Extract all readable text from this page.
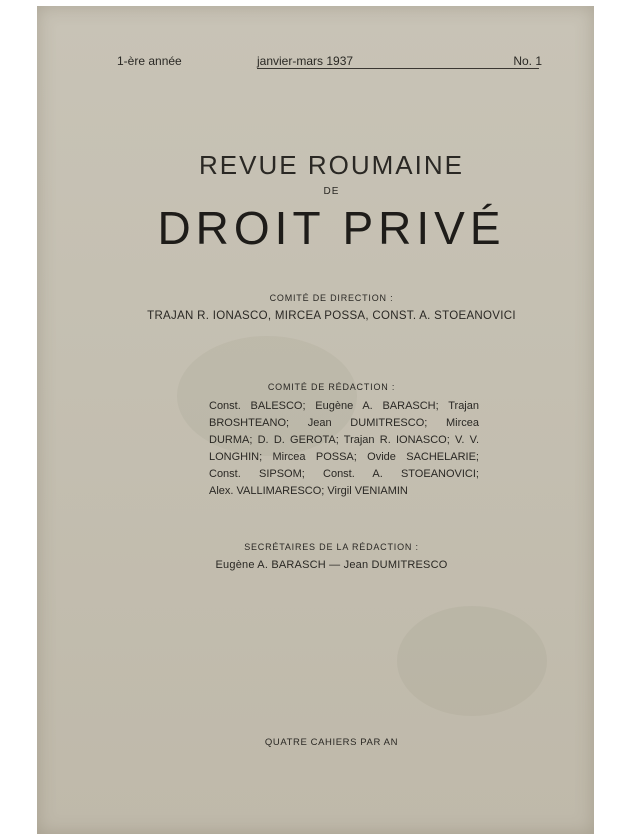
1-ère année	janvier-mars 1937	No. 1
REVUE ROUMAINE
DE
DROIT PRIVÉ
COMITÉ DE DIRECTION :
TRAJAN R. IONASCO, MIRCEA POSSA, CONST. A. STOEANOVICI
COMITÉ DE RÉDACTION :
Const. BALESCO; Eugène A. BARASCH; Trajan
BROSHTEANO; Jean DUMITRESCO; Mircea
DURMA; D. D. GEROTA; Trajan R. IONASCO; V. V.
LONGHIN; Mircea POSSA; Ovide SACHELARIE;
Const. SIPSOM; Const. A. STOEANOVICI;
Alex. VALLIMARESCO; Virgil VENIAMIN
SECRÉTAIRES DE LA RÉDACTION :
Eugène A. BARASCH — Jean DUMITRESCO
QUATRE CAHIERS PAR AN
